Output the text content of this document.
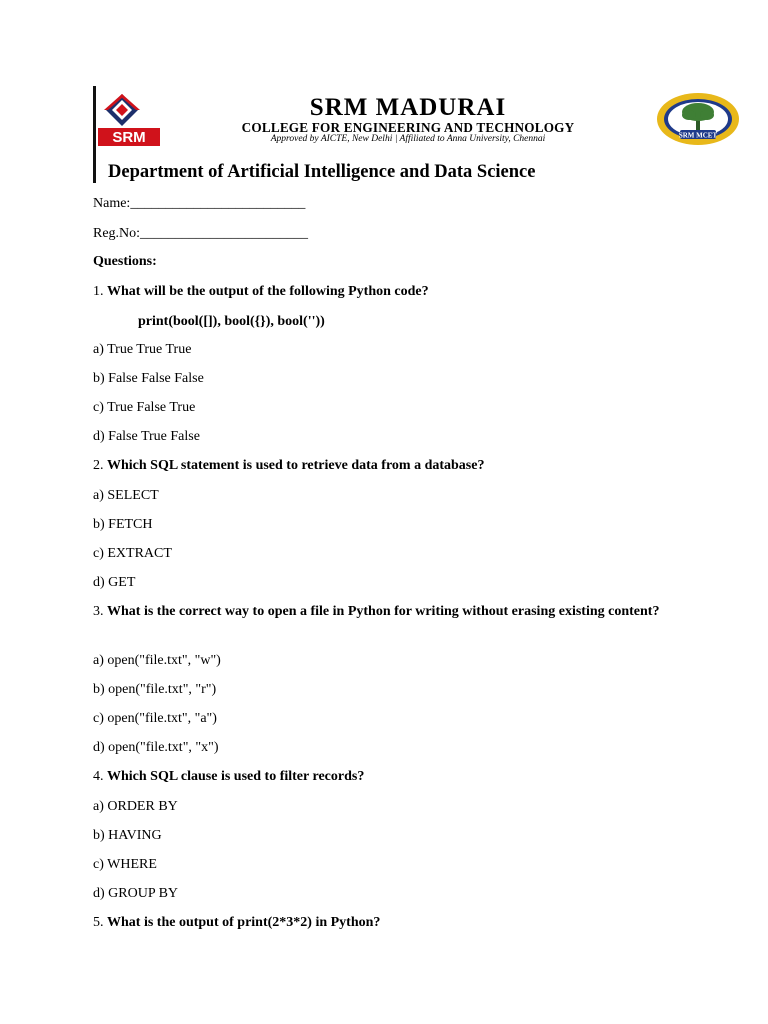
SRM
SRM MADURAI
COLLEGE FOR ENGINEERING AND TECHNOLOGY
Approved by AICTE, New Delhi | Affiliated to Anna University, Chennai	SRM MCET
Department of Artificial Intelligence and Data Science
Name:_________________________
Reg.No:________________________
Questions:
1. What will be the output of the following Python code?
print(bool([]), bool({}), bool(''))
a) True True True
b) False False False
c) True False True
d) False True False
2. Which SQL statement is used to retrieve data from a database?
a) SELECT
b) FETCH
c) EXTRACT
d) GET
3. What is the correct way to open a file in Python for writing without erasing existing content?
a) open("file.txt", "w")
b) open("file.txt", "r")
c) open("file.txt", "a")
d) open("file.txt", "x")
4. Which SQL clause is used to filter records?
a) ORDER BY
b) HAVING
c) WHERE
d) GROUP BY
5. What is the output of print(2*3*2) in Python?
